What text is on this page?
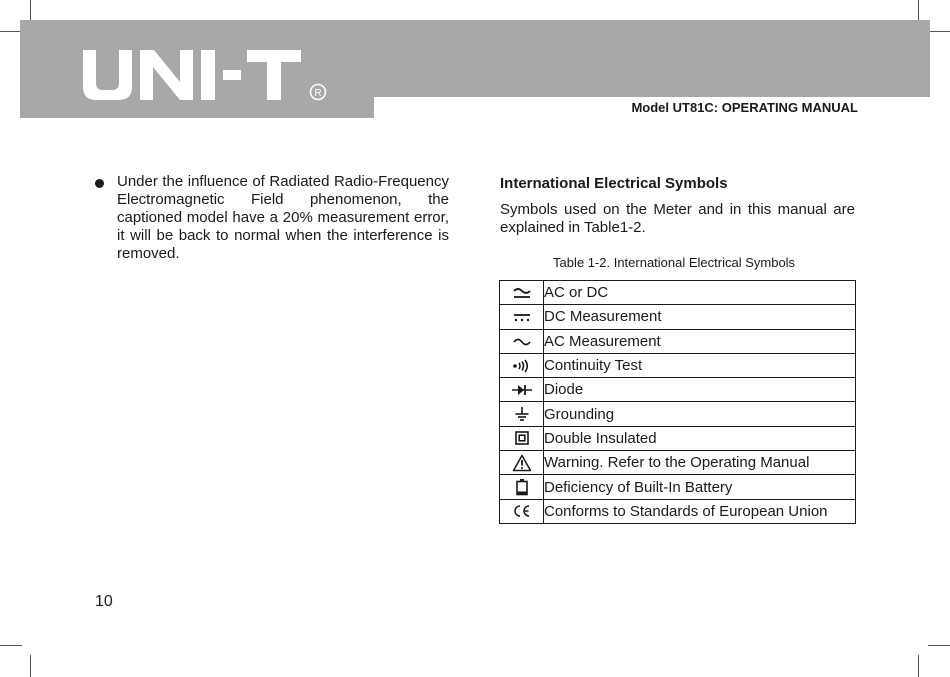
R
Model UT81C: OPERATING MANUAL
Under the influence of Radiated Radio-Frequency Electromagnetic Field phenomenon, the captioned model have a 20% measurement error, it will be back to normal when the interference is removed.
International Electrical Symbols
Symbols used on the Meter and in this manual are explained in Table1-2.
Table 1-2. International Electrical Symbols
	AC or DC

	DC Measurement

	AC Measurement

	Continuity Test

	Diode

	Grounding

	Double Insulated

	Warning. Refer to the Operating Manual

	Deficiency of Built-In Battery

	Conforms to Standards of European Union
10
